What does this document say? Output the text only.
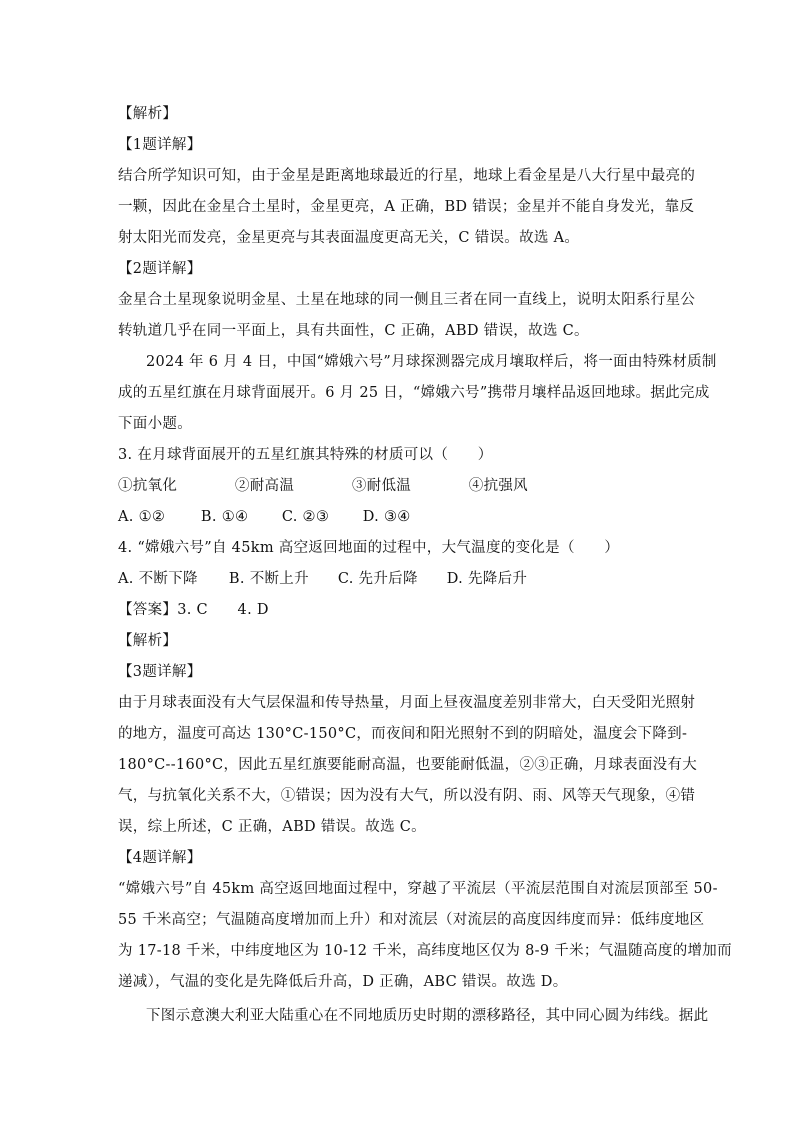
【解析】
【1题详解】
结合所学知识可知，由于金星是距离地球最近的行星，地球上看金星是八大行星中最亮的
一颗，因此在金星合土星时，金星更亮，A 正确，BD 错误；金星并不能自身发光，靠反
射太阳光而发亮，金星更亮与其表面温度更高无关，C 错误。故选 A。
【2题详解】
金星合土星现象说明金星、土星在地球的同一侧且三者在同一直线上，说明太阳系行星公
转轨道几乎在同一平面上，具有共面性，C 正确，ABD 错误，故选 C。
2024 年 6 月 4 日，中国“嫦娥六号”月球探测器完成月壤取样后，将一面由特殊材质制
成的五星红旗在月球背面展开。6 月 25 日，“嫦娥六号”携带月壤样品返回地球。据此完成
下面小题。
3. 在月球背面展开的五星红旗其特殊的材质可以（　　）
①抗氧化	②耐高温	③耐低温	④抗强风
A. ①② B. ①④ C. ②③ D. ③④
4. “嫦娥六号”自 45km 高空返回地面的过程中，大气温度的变化是（　　）
A. 不断下降 B. 不断上升 C. 先升后降 D. 先降后升
【答案】3. C　　4. D
【解析】
【3题详解】
由于月球表面没有大气层保温和传导热量，月面上昼夜温度差别非常大，白天受阳光照射
的地方，温度可高达 130°C-150°C，而夜间和阳光照射不到的阴暗处，温度会下降到-
180°C--160°C，因此五星红旗要能耐高温，也要能耐低温，②③正确，月球表面没有大
气，与抗氧化关系不大，①错误；因为没有大气，所以没有阴、雨、风等天气现象，④错
误，综上所述，C 正确，ABD 错误。故选 C。
【4题详解】
“嫦娥六号”自 45km 高空返回地面过程中，穿越了平流层（平流层范围自对流层顶部至 50-
55 千米高空；气温随高度增加而上升）和对流层（对流层的高度因纬度而异：低纬度地区
为 17-18 千米，中纬度地区为 10-12 千米，高纬度地区仅为 8-9 千米；气温随高度的增加而
递减），气温的变化是先降低后升高，D 正确，ABC 错误。故选 D。
下图示意澳大利亚大陆重心在不同地质历史时期的漂移路径，其中同心圆为纬线。据此
